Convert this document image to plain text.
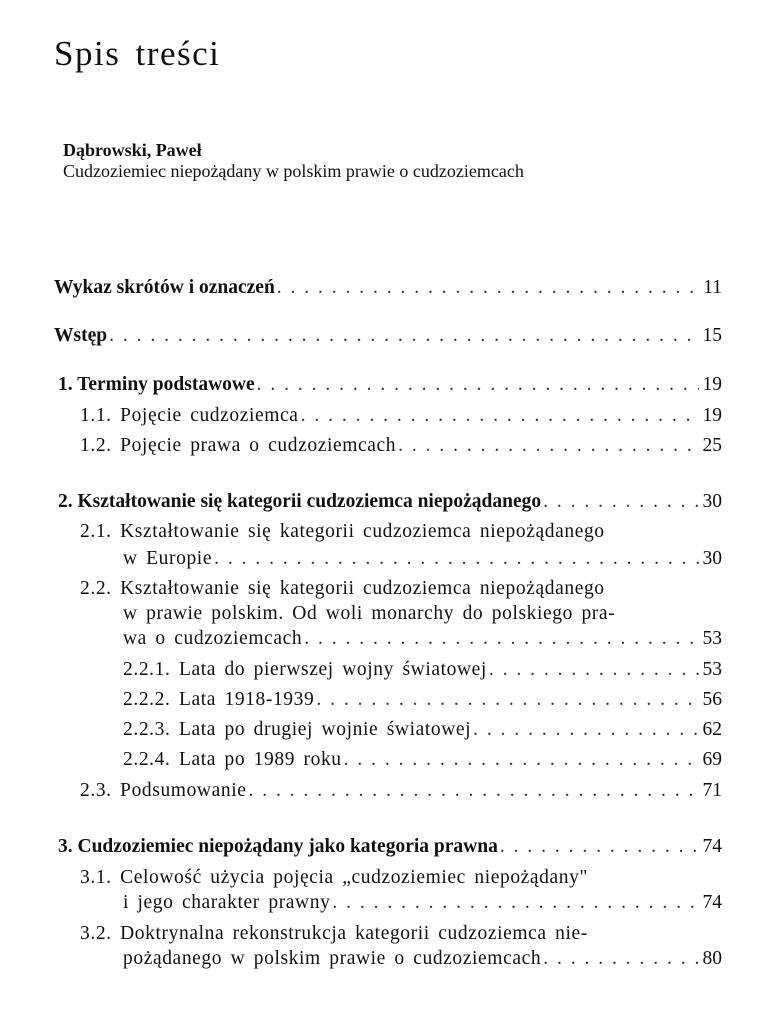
Spis treści
Dąbrowski, Paweł
Cudzoziemiec niepożądany w polskim prawie o cudzoziemcach
Wykaz skrótów i oznaczeń . . .	11
Wstęp . . .	15
1. Terminy podstawowe . . .	19
1.1. Pojęcie cudzoziemca . . .	19
1.2. Pojęcie prawa o cudzoziemcach . . .	25
2. Kształtowanie się kategorii cudzoziemca niepożądanego . . .	30
2.1. Kształtowanie się kategorii cudzoziemca niepożądanego
w Europie . . .	30
2.2. Kształtowanie się kategorii cudzoziemca niepożądanego
w prawie polskim. Od woli monarchy do polskiego pra-
wa o cudzoziemcach . . .	53
2.2.1. Lata do pierwszej wojny światowej . . .	53
2.2.2. Lata 1918-1939 . . .	56
2.2.3. Lata po drugiej wojnie światowej . . .	62
2.2.4. Lata po 1989 roku . . .	69
2.3. Podsumowanie . . .	71
3. Cudzoziemiec niepożądany jako kategoria prawna . . .	74
3.1. Celowość użycia pojęcia „cudzoziemiec niepożądany"
i jego charakter prawny . . .	74
3.2. Doktrynalna rekonstrukcja kategorii cudzoziemca nie-
pożądanego w polskim prawie o cudzoziemcach . . .	80
